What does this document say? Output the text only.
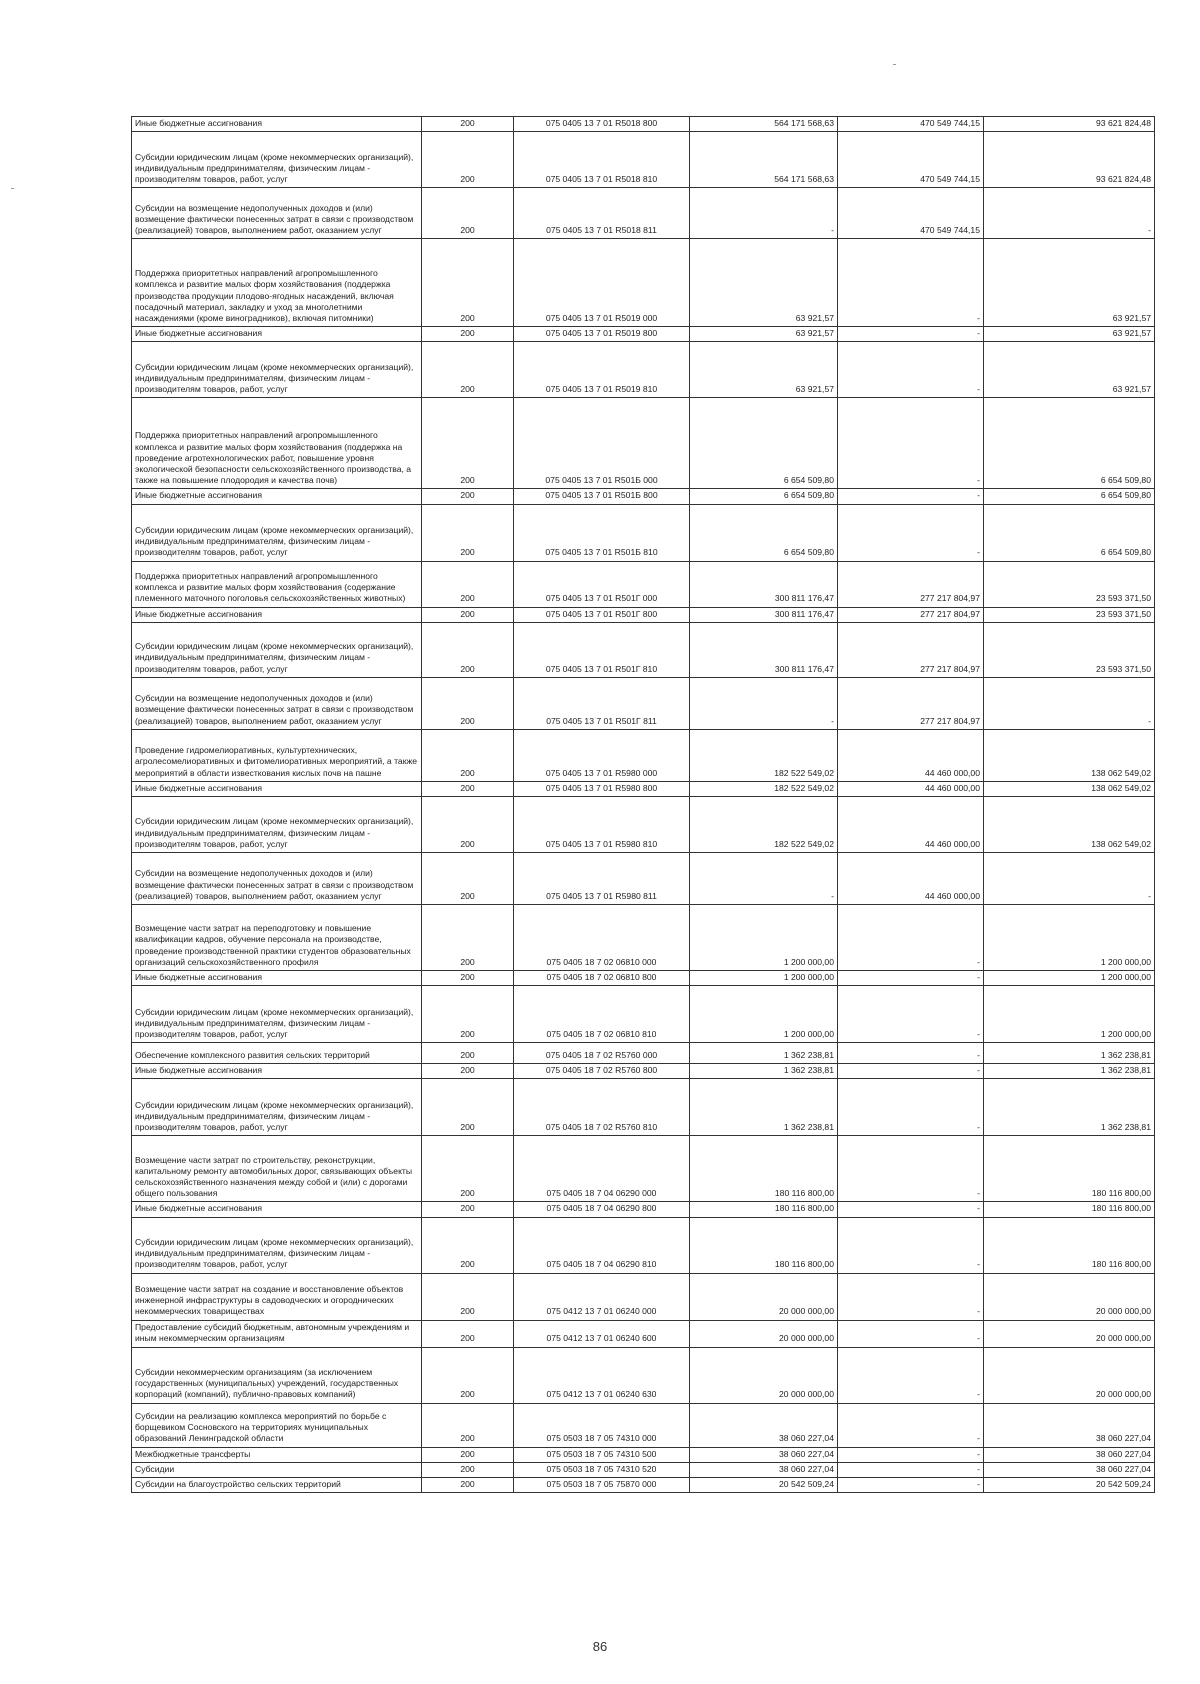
Иные бюджетные ассигнования	200	075 0405 13 7 01 R5018 800	564 171 568,63	470 549 744,15	93 621 824,48
Субсидии юридическим лицам (кроме некоммерческих организаций), индивидуальным предпринимателям, физическим лицам - производителям товаров, работ, услуг	200	075 0405 13 7 01 R5018 810	564 171 568,63	470 549 744,15	93 621 824,48
Субсидии на возмещение недополученных доходов и (или) возмещение фактически понесенных затрат в связи с производством (реализацией) товаров, выполнением работ, оказанием услуг	200	075 0405 13 7 01 R5018 811	-	470 549 744,15	-
Поддержка приоритетных направлений агропромышленного комплекса и развитие малых форм хозяйствования (поддержка производства продукции плодово-ягодных насаждений, включая посадочный материал, закладку и уход за многолетними насаждениями (кроме виноградников), включая питомники)	200	075 0405 13 7 01 R5019 000	63 921,57	-	63 921,57
Иные бюджетные ассигнования	200	075 0405 13 7 01 R5019 800	63 921,57	-	63 921,57
Субсидии юридическим лицам (кроме некоммерческих организаций), индивидуальным предпринимателям, физическим лицам - производителям товаров, работ, услуг	200	075 0405 13 7 01 R5019 810	63 921,57	-	63 921,57
Поддержка приоритетных направлений агропромышленного комплекса и развитие малых форм хозяйствования (поддержка на проведение агротехнологических работ, повышение уровня экологической безопасности сельскохозяйственного производства, а также на повышение плодородия и качества почв)	200	075 0405 13 7 01 R501Б 000	6 654 509,80	-	6 654 509,80
Иные бюджетные ассигнования	200	075 0405 13 7 01 R501Б 800	6 654 509,80	-	6 654 509,80
Субсидии юридическим лицам (кроме некоммерческих организаций), индивидуальным предпринимателям, физическим лицам - производителям товаров, работ, услуг	200	075 0405 13 7 01 R501Б 810	6 654 509,80	-	6 654 509,80
Поддержка приоритетных направлений агропромышленного комплекса и развитие малых форм хозяйствования (содержание племенного маточного поголовья сельскохозяйственных животных)	200	075 0405 13 7 01 R501Г 000	300 811 176,47	277 217 804,97	23 593 371,50
Иные бюджетные ассигнования	200	075 0405 13 7 01 R501Г 800	300 811 176,47	277 217 804,97	23 593 371,50
Субсидии юридическим лицам (кроме некоммерческих организаций), индивидуальным предпринимателям, физическим лицам - производителям товаров, работ, услуг	200	075 0405 13 7 01 R501Г 810	300 811 176,47	277 217 804,97	23 593 371,50
Субсидии на возмещение недополученных доходов и (или) возмещение фактически понесенных затрат в связи с производством (реализацией) товаров, выполнением работ, оказанием услуг	200	075 0405 13 7 01 R501Г 811	-	277 217 804,97	-
Проведение гидромелиоративных, культуртехнических, агролесомелиоративных и фитомелиоративных мероприятий, а также мероприятий в области известкования кислых почв на пашне	200	075 0405 13 7 01 R5980 000	182 522 549,02	44 460 000,00	138 062 549,02
Иные бюджетные ассигнования	200	075 0405 13 7 01 R5980 800	182 522 549,02	44 460 000,00	138 062 549,02
Субсидии юридическим лицам (кроме некоммерческих организаций), индивидуальным предпринимателям, физическим лицам - производителям товаров, работ, услуг	200	075 0405 13 7 01 R5980 810	182 522 549,02	44 460 000,00	138 062 549,02
Субсидии на возмещение недополученных доходов и (или) возмещение фактически понесенных затрат в связи с производством (реализацией) товаров, выполнением работ, оказанием услуг	200	075 0405 13 7 01 R5980 811	-	44 460 000,00	-
Возмещение части затрат на переподготовку и повышение квалификации кадров, обучение персонала на производстве, проведение производственной практики студентов образовательных организаций сельскохозяйственного профиля	200	075 0405 18 7 02 06810 000	1 200 000,00	-	1 200 000,00
Иные бюджетные ассигнования	200	075 0405 18 7 02 06810 800	1 200 000,00	-	1 200 000,00
Субсидии юридическим лицам (кроме некоммерческих организаций), индивидуальным предпринимателям, физическим лицам - производителям товаров, работ, услуг	200	075 0405 18 7 02 06810 810	1 200 000,00	-	1 200 000,00
Обеспечение комплексного развития сельских территорий	200	075 0405 18 7 02 R5760 000	1 362 238,81	-	1 362 238,81
Иные бюджетные ассигнования	200	075 0405 18 7 02 R5760 800	1 362 238,81	-	1 362 238,81
Субсидии юридическим лицам (кроме некоммерческих организаций), индивидуальным предпринимателям, физическим лицам - производителям товаров, работ, услуг	200	075 0405 18 7 02 R5760 810	1 362 238,81	-	1 362 238,81
Возмещение части затрат по строительству, реконструкции, капитальному ремонту автомобильных дорог, связывающих объекты сельскохозяйственного назначения между собой и (или) с дорогами общего пользования	200	075 0405 18 7 04 06290 000	180 116 800,00	-	180 116 800,00
Иные бюджетные ассигнования	200	075 0405 18 7 04 06290 800	180 116 800,00	-	180 116 800,00
Субсидии юридическим лицам (кроме некоммерческих организаций), индивидуальным предпринимателям, физическим лицам - производителям товаров, работ, услуг	200	075 0405 18 7 04 06290 810	180 116 800,00	-	180 116 800,00
Возмещение части затрат на создание и восстановление объектов инженерной инфраструктуры в садоводческих и огороднических некоммерческих товариществах	200	075 0412 13 7 01 06240 000	20 000 000,00	-	20 000 000,00
Предоставление субсидий бюджетным, автономным учреждениям и иным некоммерческим организациям	200	075 0412 13 7 01 06240 600	20 000 000,00	-	20 000 000,00
Субсидии некоммерческим организациям (за исключением государственных (муниципальных) учреждений, государственных корпораций (компаний), публично-правовых компаний)	200	075 0412 13 7 01 06240 630	20 000 000,00	-	20 000 000,00
Субсидии на реализацию комплекса мероприятий по борьбе с борщевиком Сосновского на территориях муниципальных образований Ленинградской области	200	075 0503 18 7 05 74310 000	38 060 227,04	-	38 060 227,04
Межбюджетные трансферты	200	075 0503 18 7 05 74310 500	38 060 227,04	-	38 060 227,04
Субсидии	200	075 0503 18 7 05 74310 520	38 060 227,04	-	38 060 227,04
Субсидии на благоустройство сельских территорий	200	075 0503 18 7 05 75870 000	20 542 509,24	-	20 542 509,24
86
